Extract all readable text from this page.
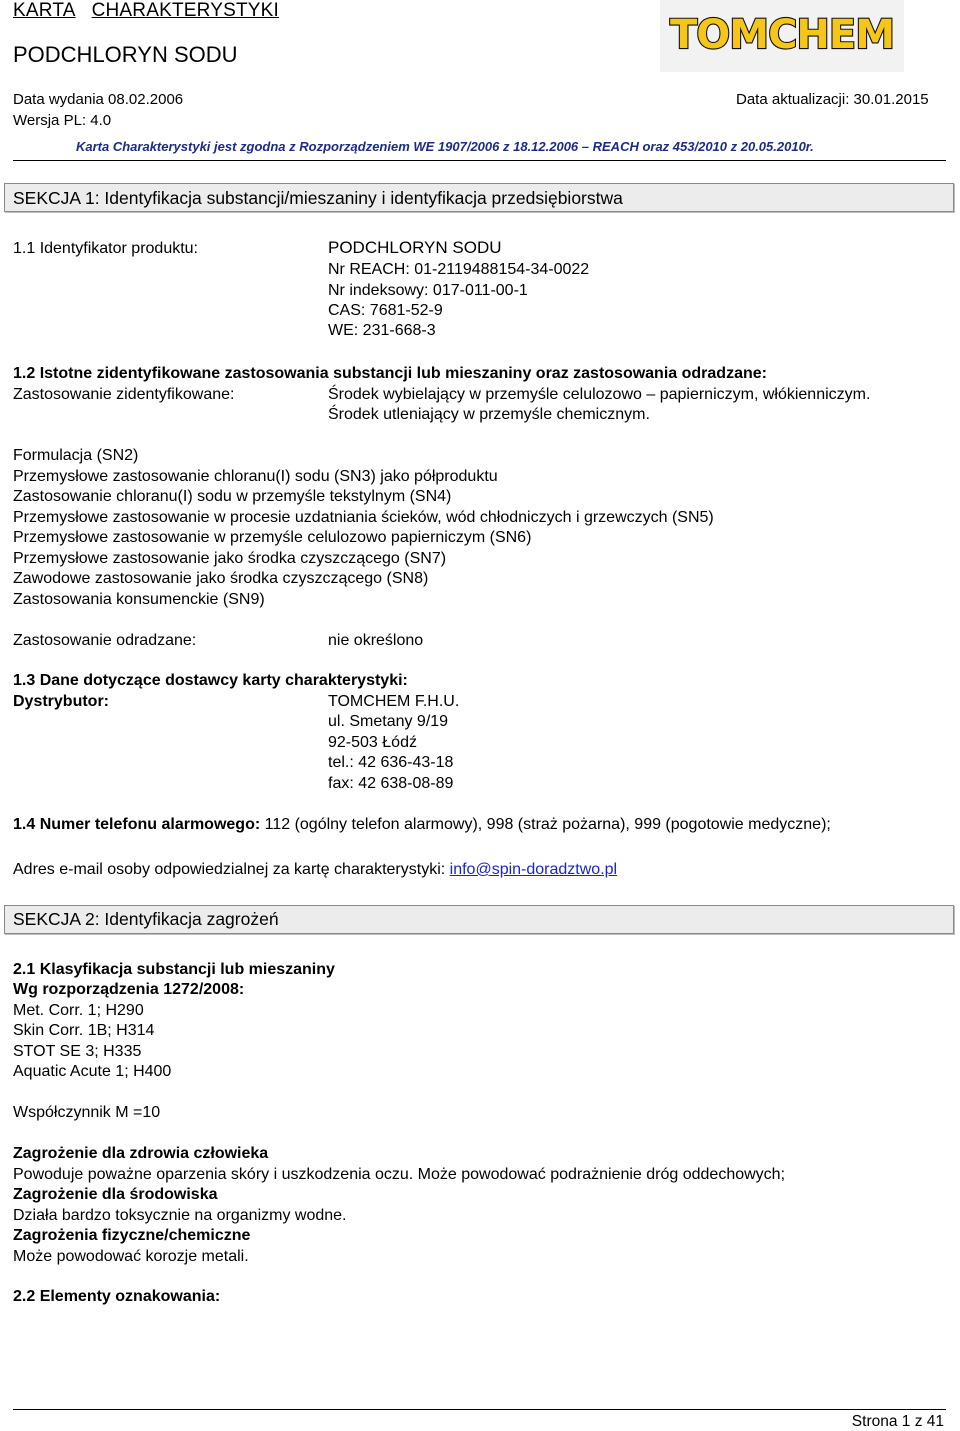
KARTA CHARAKTERYSTYKI
PODCHLORYN SODU	TOMCHEM
Data wydania 08.02.2006	Data aktualizacji: 30.01.2015
Wersja PL: 4.0
Karta Charakterystyki jest zgodna z Rozporządzeniem WE 1907/2006 z 18.12.2006 – REACH oraz 453/2010 z 20.05.2010r.
SEKCJA 1: Identyfikacja substancji/mieszaniny i identyfikacja przedsiębiorstwa
1.1 Identyfikator produktu:	PODCHLORYN SODU
Nr REACH: 01-2119488154-34-0022
Nr indeksowy: 017-011-00-1
CAS: 7681-52-9
WE: 231-668-3
1.2 Istotne zidentyfikowane zastosowania substancji lub mieszaniny oraz zastosowania odradzane:
Zastosowanie zidentyfikowane:	Środek wybielający w przemyśle celulozowo – papierniczym, włókienniczym.
Środek utleniający w przemyśle chemicznym.
Formulacja (SN2)
Przemysłowe zastosowanie chloranu(I) sodu (SN3) jako półproduktu
Zastosowanie chloranu(I) sodu w przemyśle tekstylnym (SN4)
Przemysłowe zastosowanie w procesie uzdatniania ścieków, wód chłodniczych i grzewczych (SN5)
Przemysłowe zastosowanie w przemyśle celulozowo papierniczym (SN6)
Przemysłowe zastosowanie jako środka czyszczącego (SN7)
Zawodowe zastosowanie jako środka czyszczącego (SN8)
Zastosowania konsumenckie (SN9)
Zastosowanie odradzane:	nie określono
1.3 Dane dotyczące dostawcy karty charakterystyki:
Dystrybutor:	TOMCHEM F.H.U.
ul. Smetany 9/19
92-503 Łódź
tel.: 42 636-43-18
fax: 42 638-08-89
1.4 Numer telefonu alarmowego: 112 (ogólny telefon alarmowy), 998 (straż pożarna), 999 (pogotowie medyczne);
Adres e-mail osoby odpowiedzialnej za kartę charakterystyki: info@spin-doradztwo.pl
SEKCJA 2: Identyfikacja zagrożeń
2.1 Klasyfikacja substancji lub mieszaniny
Wg rozporządzenia 1272/2008:
Met. Corr. 1; H290
Skin Corr. 1B; H314
STOT SE 3; H335
Aquatic Acute 1; H400
Współczynnik M =10
Zagrożenie dla zdrowia człowieka
Powoduje poważne oparzenia skóry i uszkodzenia oczu. Może powodować podrażnienie dróg oddechowych;
Zagrożenie dla środowiska
Działa bardzo toksycznie na organizmy wodne.
Zagrożenia fizyczne/chemiczne
Może powodować korozje metali.
2.2 Elementy oznakowania:
Strona 1 z 41
